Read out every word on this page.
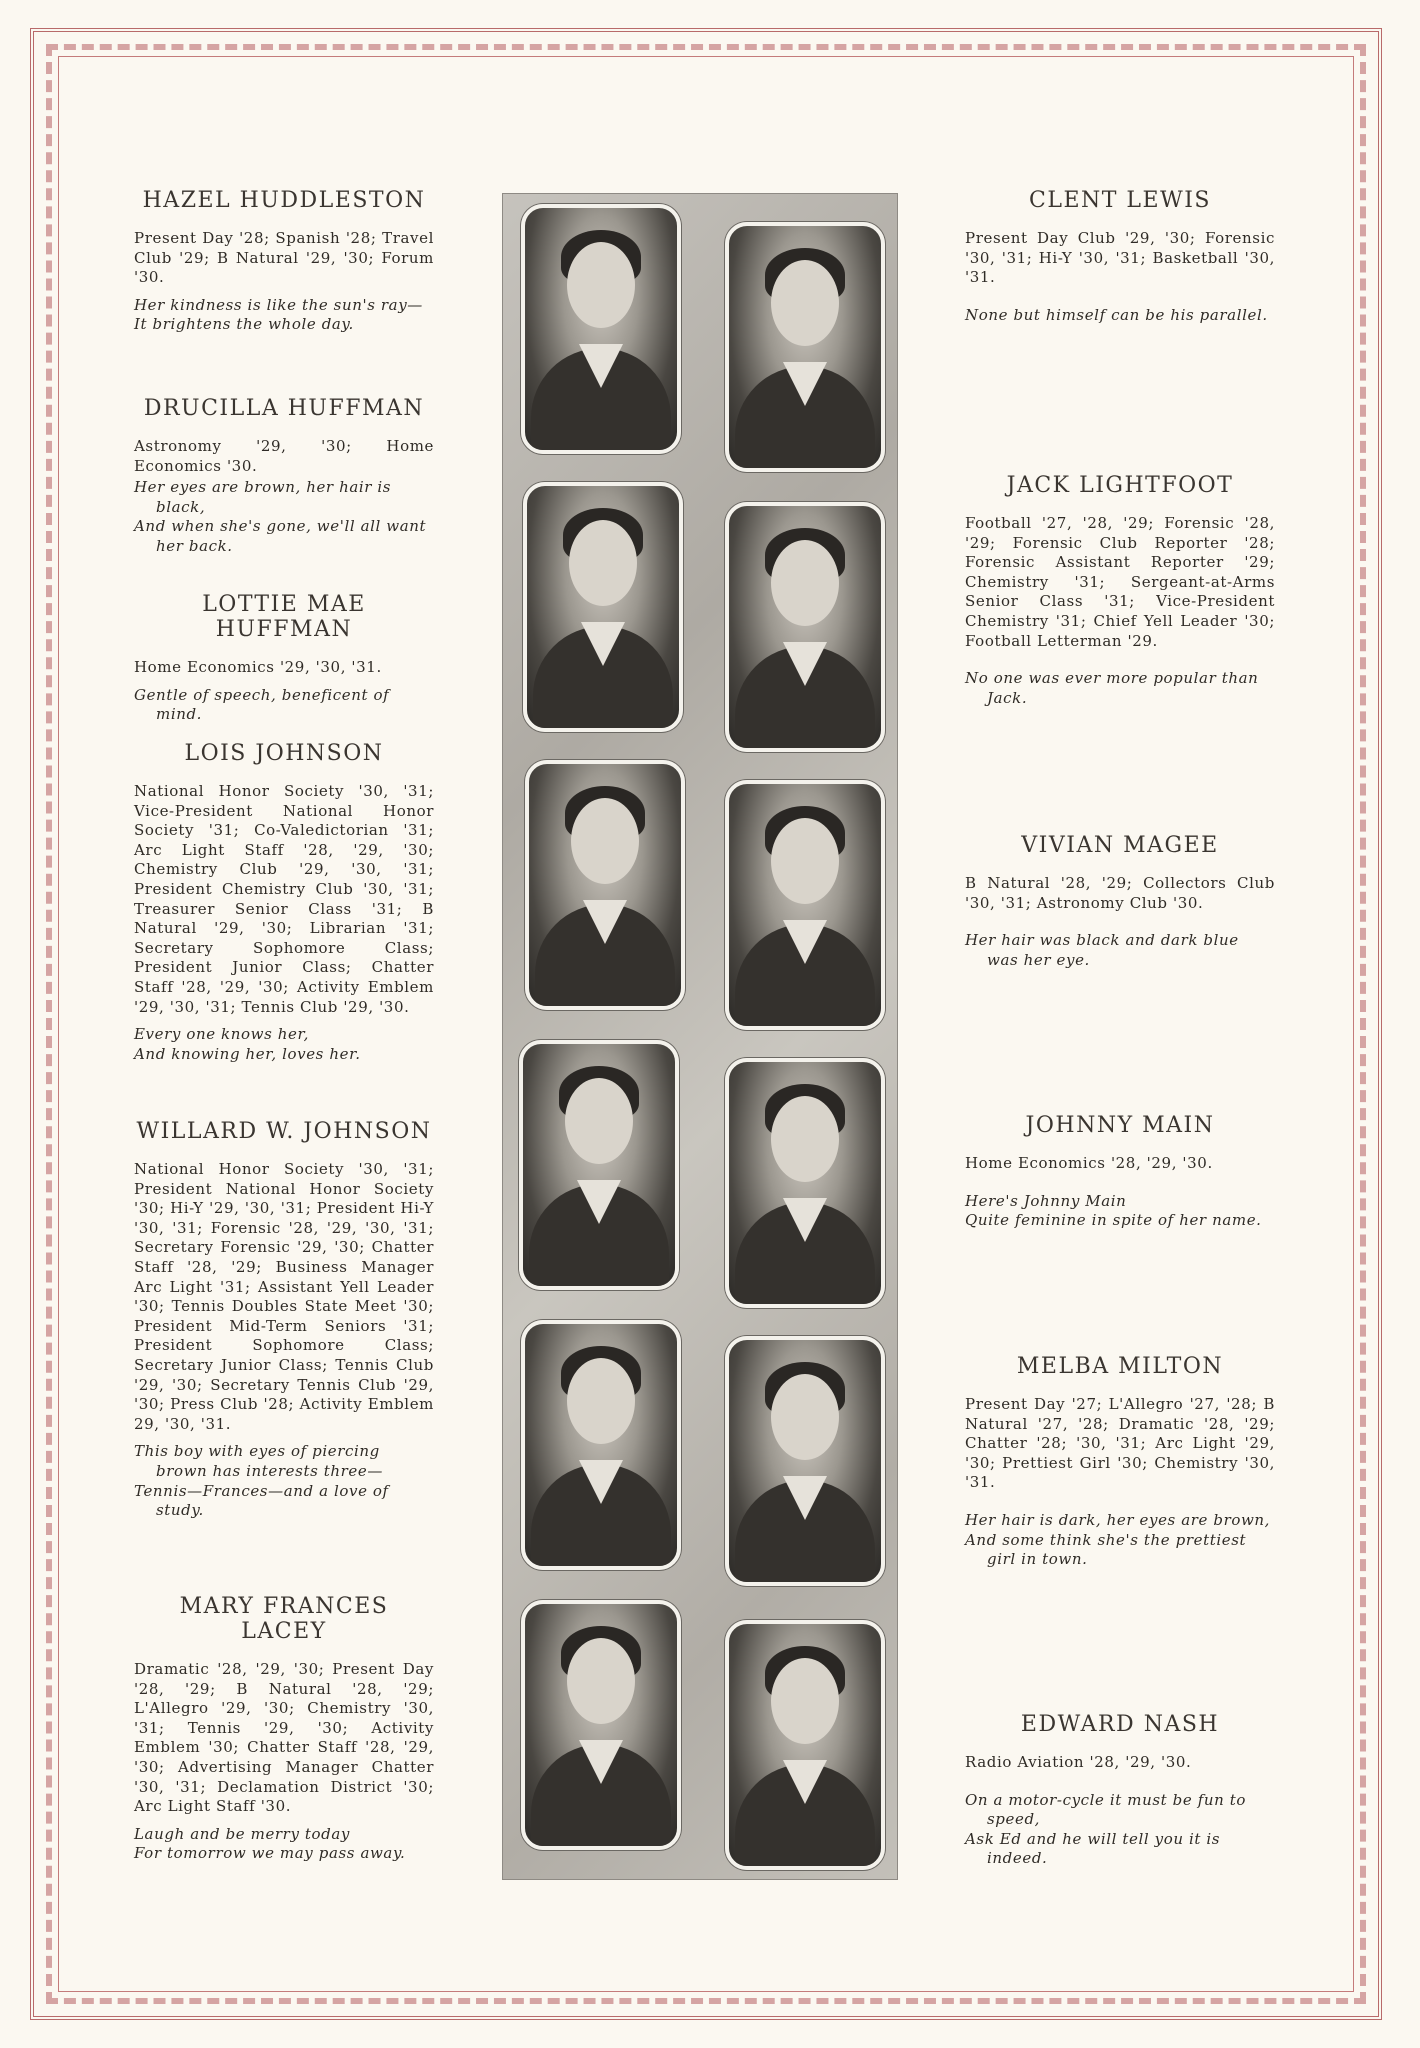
HAZEL HUDDLESTON

Present Day '28; Spanish '28; Travel Club '29; B Natural '29, '30; Forum '30.

Her kindness is like the sun's ray—
It brightens the whole day.

DRUCILLA HUFFMAN

Astronomy '29, '30; Home Economics '30.

Her eyes are brown, her hair is black,
And when she's gone, we'll all want her back.

LOTTIE MAE HUFFMAN

Home Economics '29, '30, '31.

Gentle of speech, beneficent of mind.

LOIS JOHNSON

National Honor Society '30, '31; Vice-President National Honor Society '31; Co-Valedictorian '31; Arc Light Staff '28, '29, '30; Chemistry Club '29, '30, '31; President Chemistry Club '30, '31; Treasurer Senior Class '31; B Natural '29, '30; Librarian '31; Secretary Sophomore Class; President Junior Class; Chatter Staff '28, '29, '30; Activity Emblem '29, '30, '31; Tennis Club '29, '30.

Every one knows her,
And knowing her, loves her.

WILLARD W. JOHNSON

National Honor Society '30, '31; President National Honor Society '30; Hi-Y '29, '30, '31; President Hi-Y '30, '31; Forensic '28, '29, '30, '31; Secretary Forensic '29, '30; Chatter Staff '28, '29; Business Manager Arc Light '31; Assistant Yell Leader '30; Tennis Doubles State Meet '30; President Mid-Term Seniors '31; President Sophomore Class; Secretary Junior Class; Tennis Club '29, '30; Secretary Tennis Club '29, '30; Press Club '28; Activity Emblem 29, '30, '31.

This boy with eyes of piercing brown has interests three—
Tennis—Frances—and a love of study.

MARY FRANCES LACEY

Dramatic '28, '29, '30; Present Day '28, '29; B Natural '28, '29; L'Allegro '29, '30; Chemistry '30, '31; Tennis '29, '30; Activity Emblem '30; Chatter Staff '28, '29, '30; Advertising Manager Chatter '30, '31; Declamation District '30; Arc Light Staff '30.

Laugh and be merry today
For tomorrow we may pass away.

CLENT LEWIS

Present Day Club '29, '30; Forensic '30, '31; Hi-Y '30, '31; Basketball '30, '31.

None but himself can be his parallel.

JACK LIGHTFOOT

Football '27, '28, '29; Forensic '28, '29; Forensic Club Reporter '28; Forensic Assistant Reporter '29; Chemistry '31; Sergeant-at-Arms Senior Class '31; Vice-President Chemistry '31; Chief Yell Leader '30; Football Letterman '29.

No one was ever more popular than Jack.

VIVIAN MAGEE

B Natural '28, '29; Collectors Club '30, '31; Astronomy Club '30.

Her hair was black and dark blue was her eye.

JOHNNY MAIN

Home Economics '28, '29, '30.

Here's Johnny Main
Quite feminine in spite of her name.

MELBA MILTON

Present Day '27; L'Allegro '27, '28; B Natural '27, '28; Dramatic '28, '29; Chatter '28; '30, '31; Arc Light '29, '30; Prettiest Girl '30; Chemistry '30, '31.

Her hair is dark, her eyes are brown,
And some think she's the prettiest girl in town.

EDWARD NASH

Radio Aviation '28, '29, '30.

On a motor-cycle it must be fun to speed,
Ask Ed and he will tell you it is indeed.
